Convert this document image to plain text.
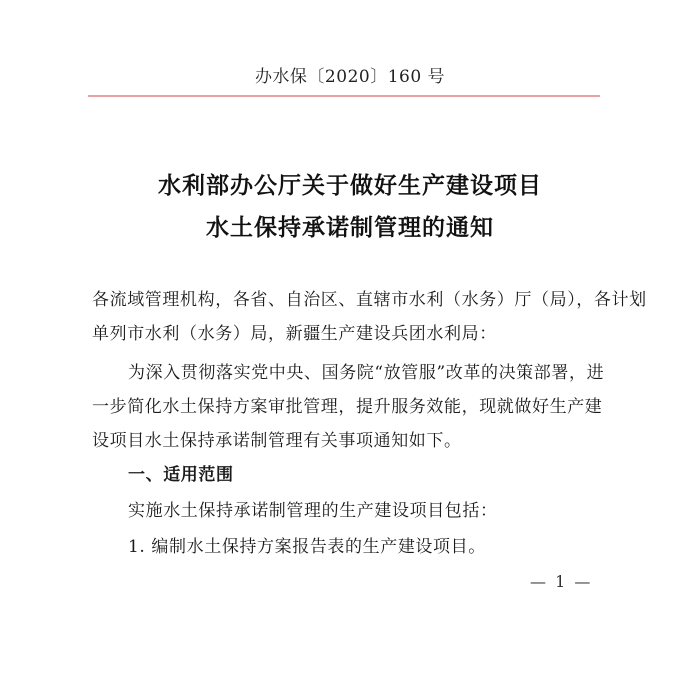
办水保〔2020〕160 号
水利部办公厅关于做好生产建设项目
水土保持承诺制管理的通知
各流域管理机构，各省、自治区、直辖市水利（水务）厅（局），各计划
单列市水利（水务）局，新疆生产建设兵团水利局：
为深入贯彻落实党中央、国务院“放管服”改革的决策部署，进
一步简化水土保持方案审批管理，提升服务效能，现就做好生产建
设项目水土保持承诺制管理有关事项通知如下。
一、适用范围
实施水土保持承诺制管理的生产建设项目包括：
1. 编制水土保持方案报告表的生产建设项目。
— 1 —
